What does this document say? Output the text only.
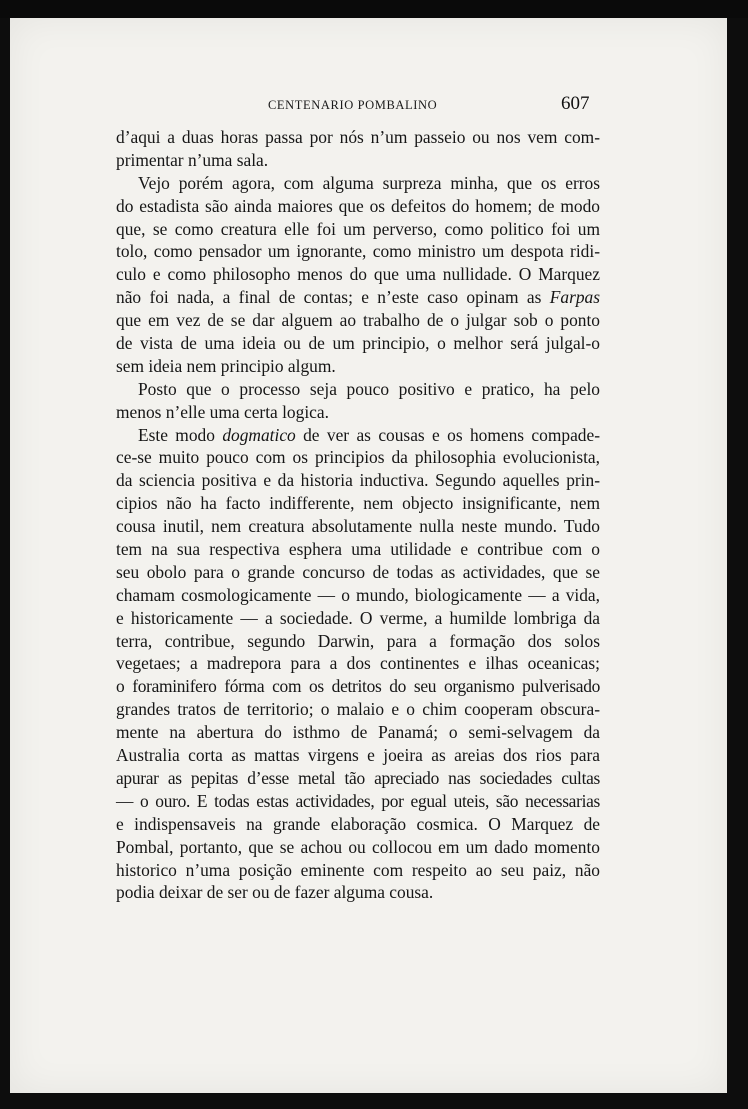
CENTENARIO POMBALINO	607
d’aqui a duas horas passa por nós n’um passeio ou nos vem com-
primentar n’uma sala.
Vejo porém agora, com alguma surpreza minha, que os erros
do estadista são ainda maiores que os defeitos do homem; de modo
que, se como creatura elle foi um perverso, como politico foi um
tolo, como pensador um ignorante, como ministro um despota ridi-
culo e como philosopho menos do que uma nullidade. O Marquez
não foi nada, a final de contas; e n’este caso opinam as Farpas
que em vez de se dar alguem ao trabalho de o julgar sob o ponto
de vista de uma ideia ou de um principio, o melhor será julgal-o
sem ideia nem principio algum.
Posto que o processo seja pouco positivo e pratico, ha pelo
menos n’elle uma certa logica.
Este modo dogmatico de ver as cousas e os homens compade-
ce-se muito pouco com os principios da philosophia evolucionista,
da sciencia positiva e da historia inductiva. Segundo aquelles prin-
cipios não ha facto indifferente, nem objecto insignificante, nem
cousa inutil, nem creatura absolutamente nulla neste mundo. Tudo
tem na sua respectiva esphera uma utilidade e contribue com o
seu obolo para o grande concurso de todas as actividades, que se
chamam cosmologicamente — o mundo, biologicamente — a vida,
e historicamente — a sociedade. O verme, a humilde lombriga da
terra, contribue, segundo Darwin, para a formação dos solos
vegetaes; a madrepora para a dos continentes e ilhas oceanicas;
o foraminifero fórma com os detritos do seu organismo pulverisado
grandes tratos de territorio; o malaio e o chim cooperam obscura-
mente na abertura do isthmo de Panamá; o semi-selvagem da
Australia corta as mattas virgens e joeira as areias dos rios para
apurar as pepitas d’esse metal tão apreciado nas sociedades cultas
— o ouro. E todas estas actividades, por egual uteis, são necessarias
e indispensaveis na grande elaboração cosmica. O Marquez de
Pombal, portanto, que se achou ou collocou em um dado momento
historico n’uma posição eminente com respeito ao seu paiz, não
podia deixar de ser ou de fazer alguma cousa.
